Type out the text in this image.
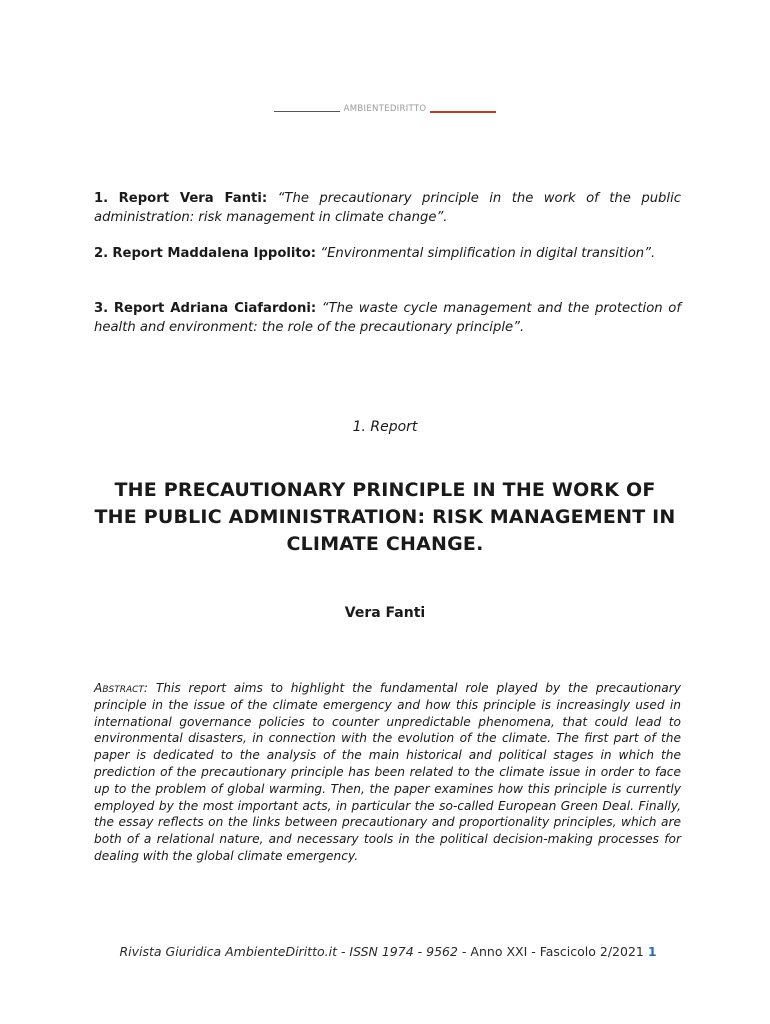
AMBIENTEDIRITTO

1. Report Vera Fanti: “The precautionary principle in the work of the public administration: risk management in climate change”.

2. Report Maddalena Ippolito: “Environmental simplification in digital transition”.

3. Report Adriana Ciafardoni: “The waste cycle management and the protection of health and environment: the role of the precautionary principle”.

1. Report
THE PRECAUTIONARY PRINCIPLE IN THE WORK OF THE PUBLIC ADMINISTRATION: RISK MANAGEMENT IN CLIMATE CHANGE.
Vera Fanti
Abstract: This report aims to highlight the fundamental role played by the precautionary principle in the issue of the climate emergency and how this principle is increasingly used in international governance policies to counter unpredictable phenomena, that could lead to environmental disasters, in connection with the evolution of the climate. The first part of the paper is dedicated to the analysis of the main historical and political stages in which the prediction of the precautionary principle has been related to the climate issue in order to face up to the problem of global warming. Then, the paper examines how this principle is currently employed by the most important acts, in particular the so-called European Green Deal. Finally, the essay reflects on the links between precautionary and proportionality principles, which are both of a relational nature, and necessary tools in the political decision-making processes for dealing with the global climate emergency.
Rivista Giuridica AmbienteDiritto.it - ISSN 1974 - 9562 - Anno XXI - Fascicolo 2/2021 1
